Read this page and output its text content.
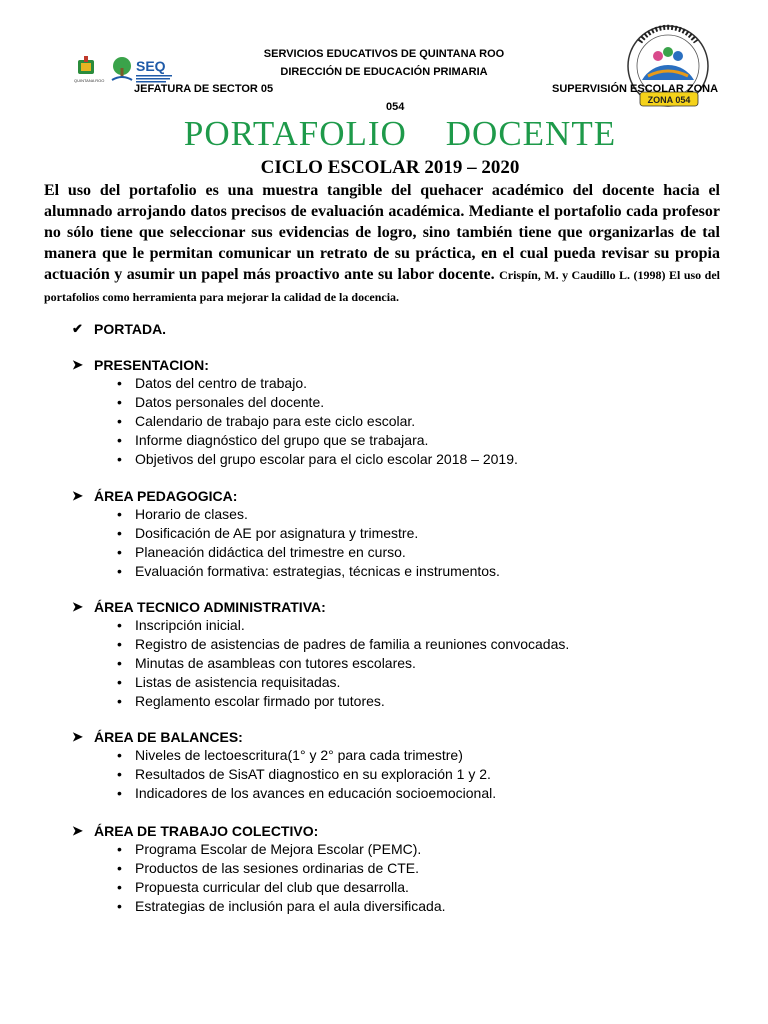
QUINTANA ROO
SEQ
ZONA 054
SERVICIOS EDUCATIVOS DE QUINTANA ROO
DIRECCIÓN DE EDUCACIÓN PRIMARIA
JEFATURA DE SECTOR 05	SUPERVISIÓN ESCOLAR ZONA
054
PORTAFOLIO    DOCENTE
CICLO ESCOLAR 2019 – 2020
El uso del portafolio es una muestra tangible del quehacer académico del docente hacia el alumnado arrojando datos precisos de evaluación académica. Mediante el portafolio cada profesor no sólo tiene que seleccionar sus evidencias de logro, sino también tiene que organizarlas de tal manera que le permitan comunicar un retrato de su práctica, en el cual pueda revisar su propia actuación y asumir un papel más proactivo ante su labor docente. Crispín, M. y Caudillo L. (1998) El uso del portafolios como herramienta para mejorar la calidad de la docencia.
✔ PORTADA.
➤ PRESENTACION:
• Datos del centro de trabajo.
• Datos personales del docente.
• Calendario de trabajo para este ciclo escolar.
• Informe diagnóstico del grupo que se trabajara.
• Objetivos del grupo escolar para el ciclo escolar 2018 – 2019.
➤ ÁREA PEDAGOGICA:
• Horario de clases.
• Dosificación de AE por asignatura y trimestre.
• Planeación didáctica del trimestre en curso.
• Evaluación formativa: estrategias, técnicas e instrumentos.
➤ ÁREA TECNICO ADMINISTRATIVA:
• Inscripción inicial.
• Registro de asistencias de padres de familia a reuniones convocadas.
• Minutas de asambleas con tutores escolares.
• Listas de asistencia requisitadas.
• Reglamento escolar firmado por tutores.
➤ ÁREA DE BALANCES:
• Niveles de lectoescritura(1° y 2° para cada trimestre)
• Resultados de SisAT diagnostico en su exploración 1 y 2.
• Indicadores de los avances en educación socioemocional.
➤ ÁREA DE TRABAJO COLECTIVO:
• Programa Escolar de Mejora Escolar (PEMC).
• Productos de las sesiones ordinarias de CTE.
• Propuesta curricular del club que desarrolla.
• Estrategias de inclusión para el aula diversificada.
